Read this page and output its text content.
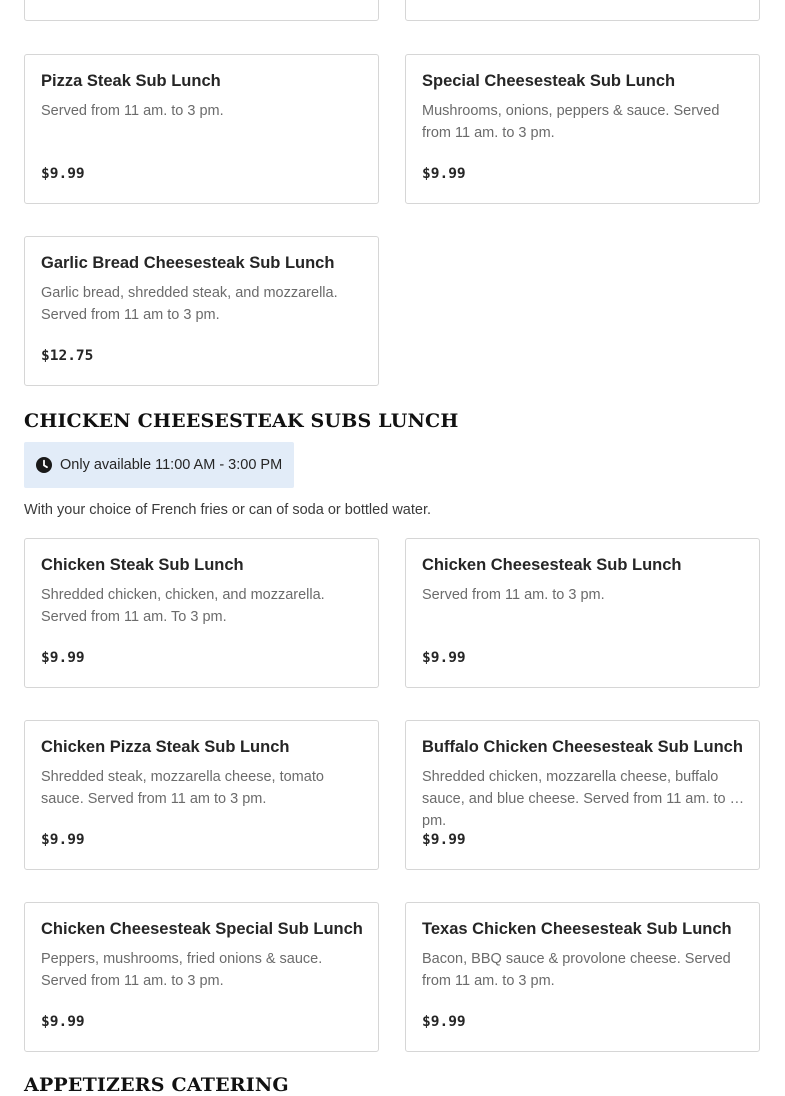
Pizza Steak Sub Lunch
Served from 11 am. to 3 pm.
$9.99
Special Cheesesteak Sub Lunch
Mushrooms, onions, peppers & sauce. Served from 11 am. to 3 pm.
$9.99
Garlic Bread Cheesesteak Sub Lunch
Garlic bread, shredded steak, and mozzarella. Served from 11 am to 3 pm.
$12.75
CHICKEN CHEESESTEAK SUBS LUNCH
Only available 11:00 AM - 3:00 PM
With your choice of French fries or can of soda or bottled water.
Chicken Steak Sub Lunch
Shredded chicken, chicken, and mozzarella. Served from 11 am. To 3 pm.
$9.99
Chicken Cheesesteak Sub Lunch
Served from 11 am. to 3 pm.
$9.99
Chicken Pizza Steak Sub Lunch
Shredded steak, mozzarella cheese, tomato sauce. Served from 11 am to 3 pm.
$9.99
Buffalo Chicken Cheesesteak Sub Lunch
Shredded chicken, mozzarella cheese, buffalo sauce, and blue cheese. Served from 11 am. to 3 pm.
$9.99
Chicken Cheesesteak Special Sub Lunch
Peppers, mushrooms, fried onions & sauce. Served from 11 am. to 3 pm.
$9.99
Texas Chicken Cheesesteak Sub Lunch
Bacon, BBQ sauce & provolone cheese. Served from 11 am. to 3 pm.
$9.99
APPETIZERS CATERING
